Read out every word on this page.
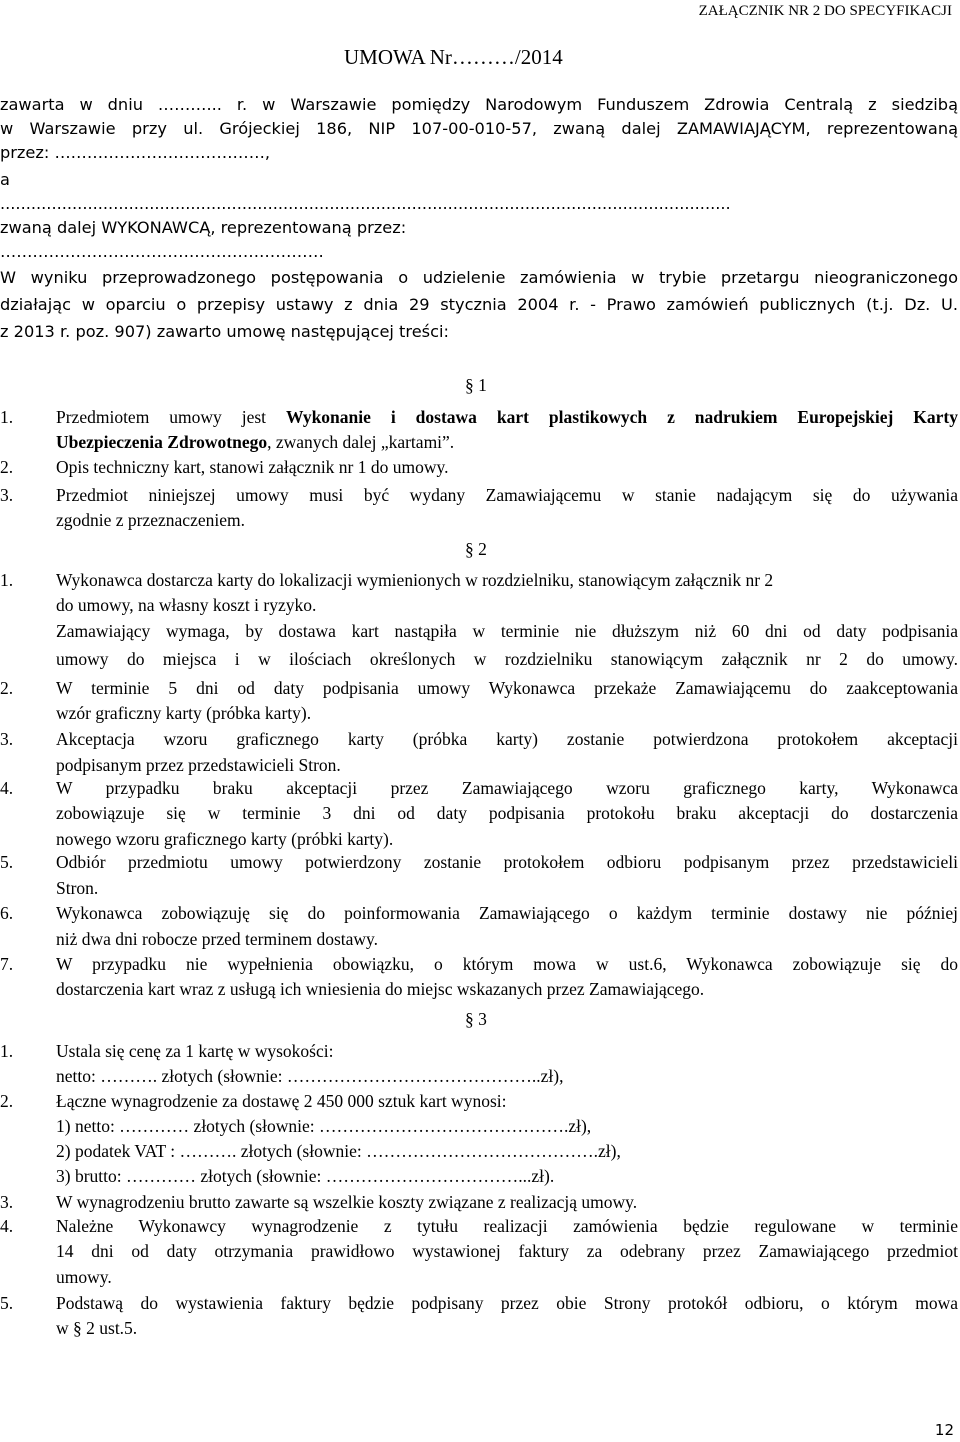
ZAŁĄCZNIK NR 2 DO SPECYFIKACJI
UMOWA Nr………/2014
zawarta w dniu ………... r. w Warszawie pomiędzy Narodowym Funduszem Zdrowia Centralą z siedzibą
w Warszawie przy ul. Grójeckiej 186, NIP 107-00-010-57, zwaną dalej ZAMAWIAJĄCYM, reprezentowaną
przez: …………………………………,
a
..............................................................................................................................................
zwaną dalej WYKONAWCĄ, reprezentowaną przez:
……………………………………………………
W wyniku przeprowadzonego postępowania o udzielenie zamówienia w trybie przetargu nieograniczonego
działając w oparciu o przepisy ustawy z dnia 29 stycznia 2004 r. - Prawo zamówień publicznych (t.j. Dz. U.
z 2013 r. poz. 907) zawarto umowę następującej treści:
§ 1
1. Przedmiotem umowy jest Wykonanie i dostawa kart plastikowych z nadrukiem Europejskiej Karty
Ubezpieczenia Zdrowotnego, zwanych dalej „kartami”.
2. Opis techniczny kart, stanowi załącznik nr 1 do umowy.
3. Przedmiot niniejszej umowy musi być wydany Zamawiającemu w stanie nadającym się do używania
zgodnie z przeznaczeniem.
§ 2
1. Wykonawca dostarcza karty do lokalizacji wymienionych w rozdzielniku, stanowiącym załącznik nr 2
do umowy, na własny koszt i ryzyko.
Zamawiający wymaga, by dostawa kart nastąpiła w terminie nie dłuższym niż 60 dni od daty podpisania
umowy do miejsca i w ilościach określonych w rozdzielniku stanowiącym załącznik nr 2 do umowy.
2. W terminie 5 dni od daty podpisania umowy Wykonawca przekaże Zamawiającemu do zaakceptowania
wzór graficzny karty (próbka karty).
3. Akceptacja wzoru graficznego karty (próbka karty) zostanie potwierdzona protokołem akceptacji
podpisanym przez przedstawicieli Stron.
4. W przypadku braku akceptacji przez Zamawiającego wzoru graficznego karty, Wykonawca
zobowiązuje się w terminie 3 dni od daty podpisania protokołu braku akceptacji do dostarczenia
nowego wzoru graficznego karty (próbki karty).
5. Odbiór przedmiotu umowy potwierdzony zostanie protokołem odbioru podpisanym przez przedstawicieli
Stron.
6. Wykonawca zobowiązuję się do poinformowania Zamawiającego o każdym terminie dostawy nie później
niż dwa dni robocze przed terminem dostawy.
7. W przypadku nie wypełnienia obowiązku, o którym mowa w ust.6, Wykonawca zobowiązuje się do
dostarczenia kart wraz z usługą ich wniesienia do miejsc wskazanych przez Zamawiającego.
§ 3
1. Ustala się cenę za 1 kartę w wysokości:
netto: ………. złotych (słownie: ……………………………………..zł),
2. Łączne wynagrodzenie za dostawę 2 450 000 sztuk kart wynosi:
1) netto: ………… złotych (słownie: …………………………………….zł),
2) podatek VAT : ………. złotych (słownie: ………………………………….zł),
3) brutto: ………… złotych (słownie: ……………………………...zł).
3. W wynagrodzeniu brutto zawarte są wszelkie koszty związane z realizacją umowy.
4. Należne Wykonawcy wynagrodzenie z tytułu realizacji zamówienia będzie regulowane w terminie
14 dni od daty otrzymania prawidłowo wystawionej faktury za odebrany przez Zamawiającego przedmiot
umowy.
5. Podstawą do wystawienia faktury będzie podpisany przez obie Strony protokół odbioru, o którym mowa
w § 2 ust.5.
12
